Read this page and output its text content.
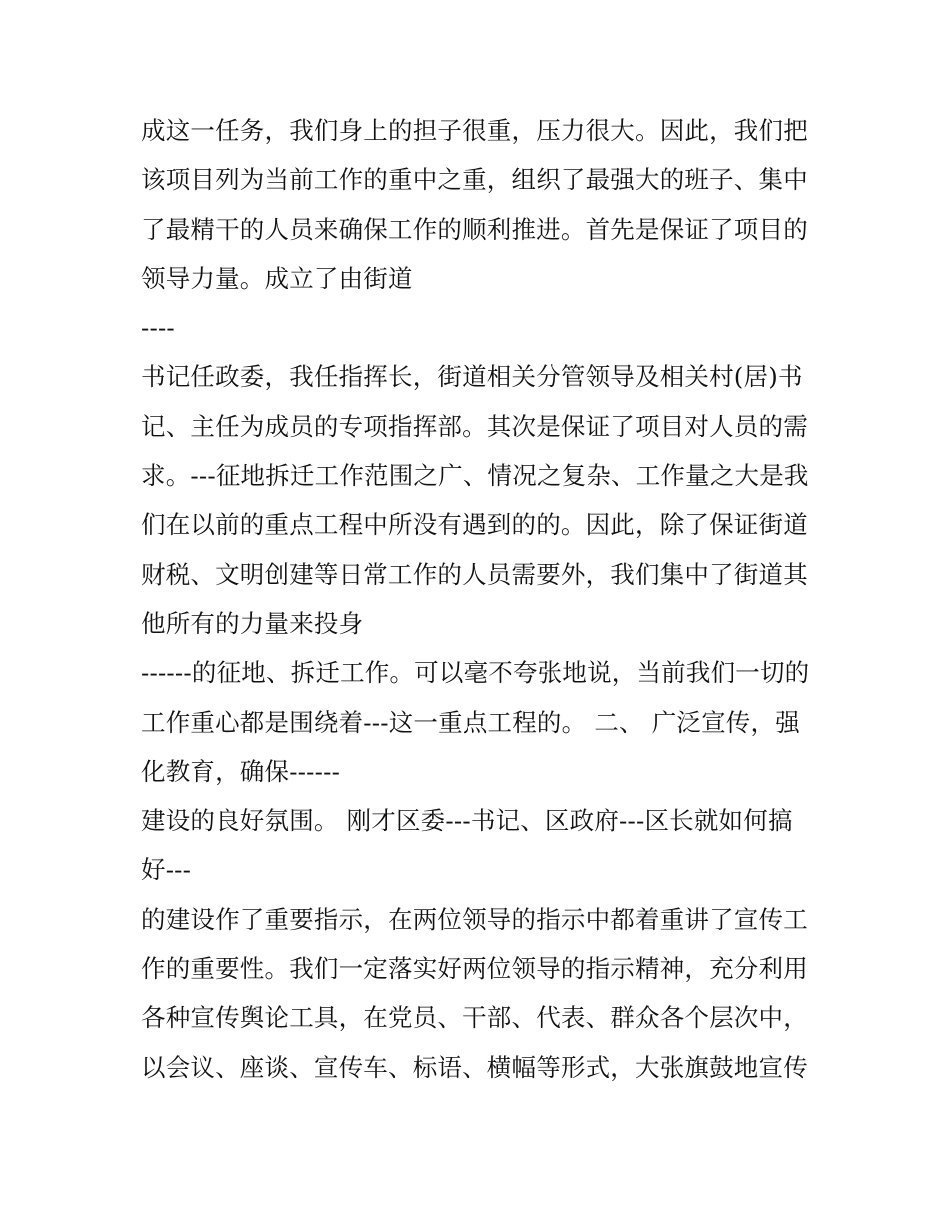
成这一任务，我们身上的担子很重，压力很大。因此，我们把
该项目列为当前工作的重中之重，组织了最强大的班子、集中
了最精干的人员来确保工作的顺利推进。首先是保证了项目的
领导力量。成立了由街道
----
书记任政委，我任指挥长，街道相关分管领导及相关村(居)书
记、主任为成员的专项指挥部。其次是保证了项目对人员的需
求。---征地拆迁工作范围之广、情况之复杂、工作量之大是我
们在以前的重点工程中所没有遇到的的。因此，除了保证街道
财税、文明创建等日常工作的人员需要外，我们集中了街道其
他所有的力量来投身
------的征地、拆迁工作。可以毫不夸张地说，当前我们一切的
工作重心都是围绕着---这一重点工程的。 二、 广泛宣传，强
化教育，确保------
建设的良好氛围。 刚才区委---书记、区政府---区长就如何搞
好---
的建设作了重要指示，在两位领导的指示中都着重讲了宣传工
作的重要性。我们一定落实好两位领导的指示精神，充分利用
各种宣传舆论工具，在党员、干部、代表、群众各个层次中，
以会议、座谈、宣传车、标语、横幅等形式，大张旗鼓地宣传
